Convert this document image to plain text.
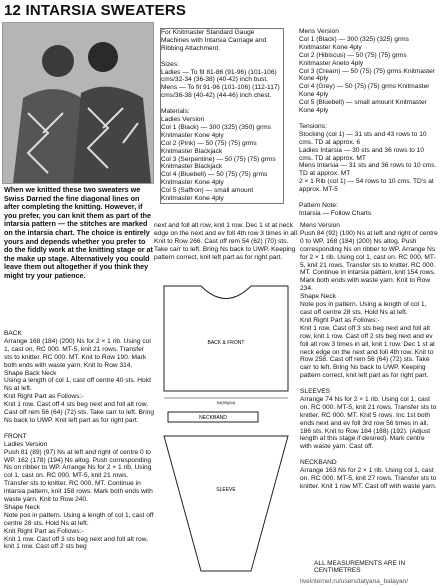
12 INTARSIA SWEATERS
When we knitted these two sweaters we Swiss Darned the fine diagonal lines on after completing the knitting. However, if you prefer, you can knit them as part of the intarsia pattern — the stitches are marked on the intarsia chart. The choice is entirely yours and depends whether you prefer to do the fiddly work at the knitting stage or at the make up stage. Alternatively you could leave them out altogether if you think they might try your patience.
BACK
Arrange 168 (184) (200) Ns for 2 × 1 rib. Using col 1, cast on. RC 000. MT-5, knit 21 rows. Transfer sts to knitter. RC 000. MT. Knit to Row 190. Mark both ends with waste yarn. Knit to Row 314.
Shape Back Neck
Using a length of col 1, cast off centre 40 sts. Hold Ns at left.
Knit Right Part as Follows:-
Knit 1 row. Cast off 4 sts beg next and foll alt row. Cast off rem 56 (64) (72) sts. Take carr to left. Bring Ns back to UWP. Knit left part as for right part.

FRONT
Ladies Version
Push 81 (89) (97) Ns at left and right of centre 0 to WP. 162 (178) (194) Ns altog. Push corresponding Ns on ribber to WP. Arrange Ns for 2 × 1 rib. Using col 1, cast on. RC 000. MT-5, knit 21 rows. Transfer sts to knitter. RC 000. MT. Continue in intarsia pattern, knit 158 rows. Mark both ends with waste yarn. Knit to Row 240.
Shape Neck
Note pos in pattern. Using a length of col 1, cast off centre 28 sts. Hold Ns at left.
Knit Right Part as Follows:-
Knit 1 row. Cast off 3 sts beg next and foll alt row, knit 1 row. Cast off 2 sts beg
For Knitmaster Standard Gauge Machines with Intarsia Carriage and Ribbing Attachment.

Sizes:
Ladies — To fit 81-86 (91-96) (101-106) cms/32-34 (36-38) (40-42) inch bust.
Mens — To fit 91-96 (101-106) (112-117) cms/36-38 (40-42) (44-46) inch chest.

Materials:
Ladies Version
Col 1 (Black) — 300 (325) (350) grms Knitmaster Kone 4ply
Col 2 (Pink) — 50 (75) (75) grms Knitmaster Blackjack
Col 3 (Serpentine) — 50 (75) (75) grms Knitmaster Blackjack
Col 4 (Bluebell) — 50 (75) (75) grms Knitmaster Kone 4ply
Col 5 (Saffron) — small amount Knitmaster Kone 4ply
Mens Version
Col 1 (Black) — 300 (325) (325) grms Knitmaster Kone 4ply
Col 2 (Hibiscus) — 50 (75) (75) grms Knitmaster Aneto 4ply
Col 3 (Cream) — 50 (75) (75) grms Knitmaster Kone 4ply
Col 4 (Grey) — 50 (75) (75) grms Knitmaster Kone 4ply
Col 5 (Bluebell) — small amount Knitmaster Kone 4ply

Tensions:
Stocking (col 1) — 31 sts and 43 rows to 10 cms. TD at approx. 6
Ladies Intarsia — 30 sts and 36 rows to 10 cms. TD at approx. MT
Mens Intarsia — 31 sts and 36 rows to 10 cms. TD at approx. MT
2 × 1 Rib (col 1) — 54 rows to 10 cms. TD's at approx. MT-5

Pattern Note:
Intarsia — Follow Charts
next and foll alt row, knit 1 row. Dec 1 st at neck edge on the next and ev foll 4th row 3 times in all. Knit to Row 266. Cast off rem 54 (62) (70) sts. Take carr to left. Bring Ns back to UWP. Keeping pattern correct, knit left part as for right part.
Mens Version
Push 84 (92) (100) Ns at left and right of centre 0 to WP. 168 (184) (200) Ns altog. Push corresponding Ns on ribber to WP. Arrange Ns for 2 × 1 rib. Using col 1, cast on. RC 000. MT-5, knit 21 rows. Transfer sts to knitter. RC 000. MT. Continue in intarsia pattern, knit 154 rows. Mark both ends with waste yarn. Knit to Row 234.
Shape Neck
Note pos in pattern. Using a length of col 1, cast off centre 28 sts. Hold Ns at left.
Knit Right Part as Follows:-
Knit 1 row, Cast off 3 sts beg next and foll alt row, knit 1 row. Cast off 2 sts beg next and ev foll alt row 3 times in all, knit 1 row. Dec 1 st at neck edge on the next and foll 4th row. Knit to Row 258. Cast off rem 56 (64) (72) sts. Take carr to left. Bring Ns back to UWP. Keeping pattern correct, knit left part as for right part.

SLEEVES
Arrange 74 Ns for 2 × 1 rib. Using col 1, cast on. RC 000. MT-5, knit 21 rows. Transfer sts to knitter. RC 000. MT. Knit 5 rows. Inc 1st both ends next and ev foll 3rd row 56 times in all. 186 sts. Knit to Row 184 (188) (192). (Adjust length at this stage if desired). Mark centre with waste yarn. Cast off.

NECKBAND
Arrange 163 Ns for 2 × 1 rib. Using col 1, cast on. RC 000. MT-5, knit 27 rows. Transfer sts to knitter. Knit 1 row MT. Cast off with waste yarn.
BACK & FRONT
54(59)(64)
NECKBAND
SLEEVE
ALL MEASUREMENTS ARE IN CENTIMETRES
liveinternet.ru/users/tatyana_balayan/
